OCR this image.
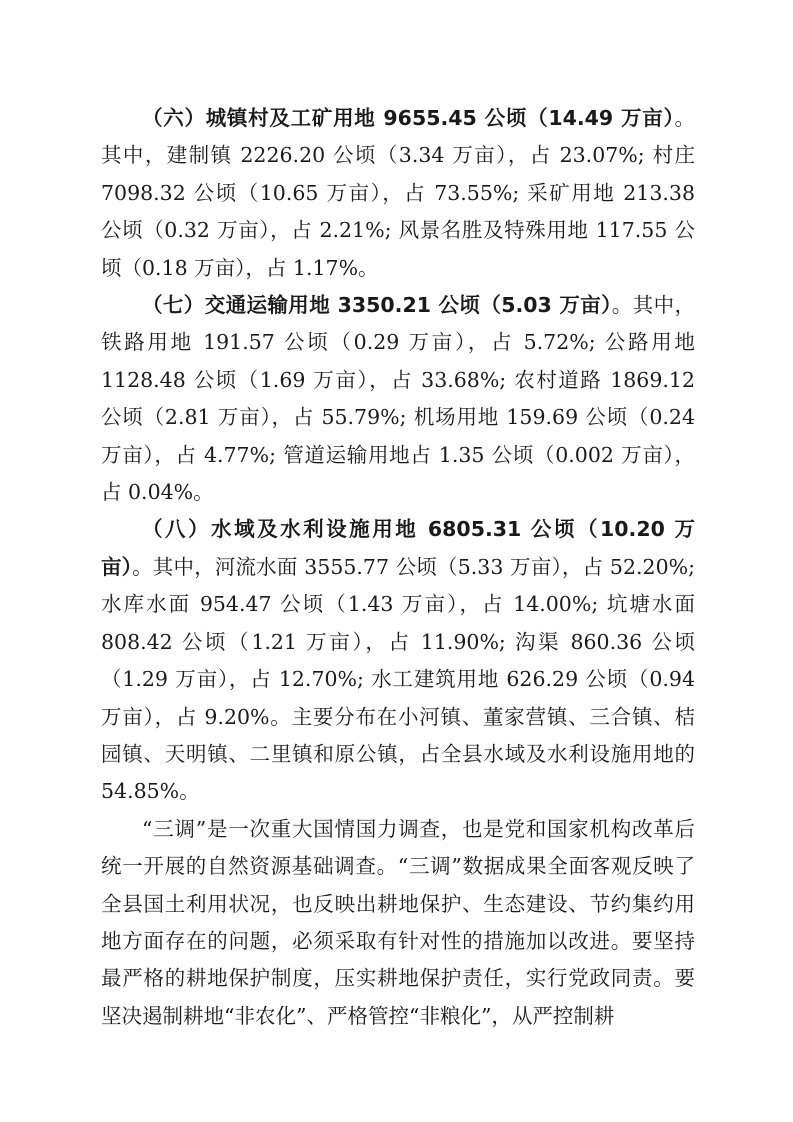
（六）城镇村及工矿用地 9655.45 公顷（14.49 万亩）。其中，建制镇 2226.20 公顷（3.34 万亩），占 23.07%; 村庄 7098.32 公顷（10.65 万亩），占 73.55%; 采矿用地 213.38 公顷（0.32 万亩），占 2.21%; 风景名胜及特殊用地 117.55 公顷（0.18 万亩），占 1.17%。

（七）交通运输用地 3350.21 公顷（5.03 万亩）。其中，铁路用地 191.57 公顷（0.29 万亩），占 5.72%; 公路用地 1128.48 公顷（1.69 万亩），占 33.68%; 农村道路 1869.12 公顷（2.81 万亩），占 55.79%; 机场用地 159.69 公顷（0.24 万亩），占 4.77%; 管道运输用地占 1.35 公顷（0.002 万亩），占 0.04%。

（八）水域及水利设施用地 6805.31 公顷（10.20 万亩）。其中，河流水面 3555.77 公顷（5.33 万亩），占 52.20%; 水库水面 954.47 公顷（1.43 万亩），占 14.00%; 坑塘水面 808.42 公顷（1.21 万亩），占 11.90%; 沟渠 860.36 公顷（1.29 万亩），占 12.70%; 水工建筑用地 626.29 公顷（0.94 万亩），占 9.20%。主要分布在小河镇、董家营镇、三合镇、桔园镇、天明镇、二里镇和原公镇，占全县水域及水利设施用地的 54.85%。

“三调”是一次重大国情国力调查，也是党和国家机构改革后统一开展的自然资源基础调查。“三调”数据成果全面客观反映了全县国土利用状况，也反映出耕地保护、生态建设、节约集约用地方面存在的问题，必须采取有针对性的措施加以改进。要坚持最严格的耕地保护制度，压实耕地保护责任，实行党政同责。要坚决遏制耕地“非农化”、严格管控“非粮化”，从严控制耕
